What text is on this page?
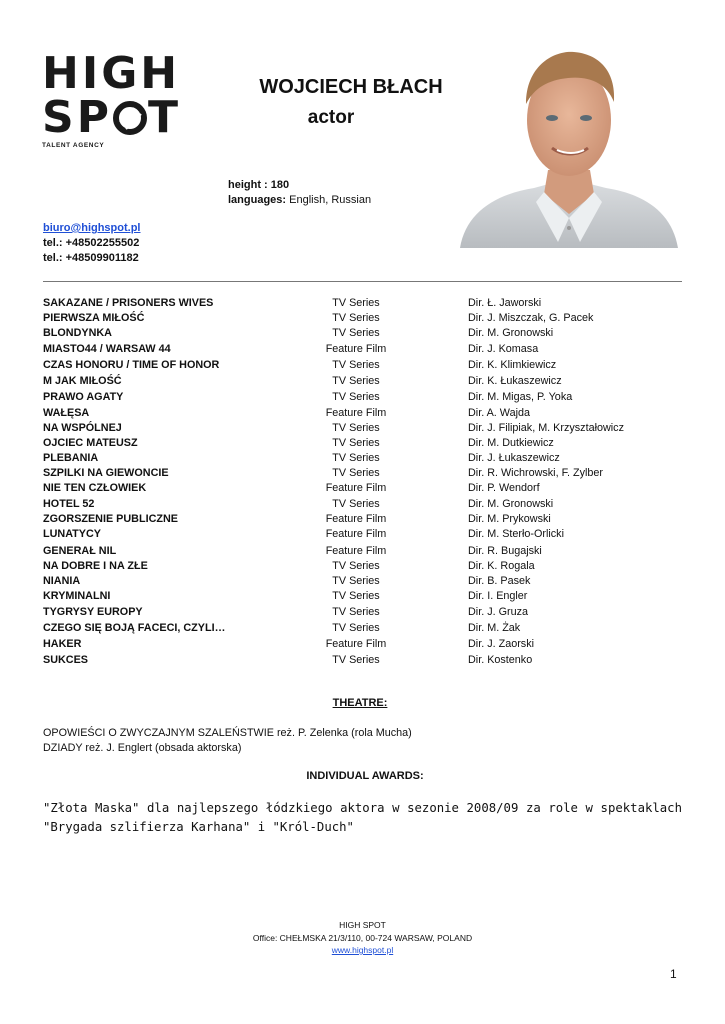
HIGH
SP T
TALENT AGENCY
WOJCIECH BŁACH
actor
height : 180
languages: English, Russian
biuro@highspot.pl
tel.: +48502255502
tel.: +48509901182
SAKAZANE / PRISONERS WIVES	TV Series	Dir. Ł. Jaworski
PIERWSZA MIŁOŚĆ	TV Series	Dir. J. Miszczak, G. Pacek
BLONDYNKA	TV Series	Dir. M. Gronowski
MIASTO44 / WARSAW 44	Feature Film	Dir. J. Komasa
CZAS HONORU / TIME OF HONOR	TV Series	Dir. K. Klimkiewicz
M JAK MIŁOŚĆ	TV Series	Dir. K. Łukaszewicz
PRAWO AGATY	TV Series	Dir. M. Migas, P. Yoka
WAŁĘSA	Feature Film	Dir. A. Wajda
NA WSPÓLNEJ	TV Series	Dir. J. Filipiak, M. Krzyształowicz
OJCIEC MATEUSZ	TV Series	Dir. M. Dutkiewicz
PLEBANIA	TV Series	Dir. J. Łukaszewicz
SZPILKI NA GIEWONCIE	TV Series	Dir. R. Wichrowski, F. Zylber
NIE TEN CZŁOWIEK	Feature Film	Dir. P. Wendorf
HOTEL 52	TV Series	Dir. M. Gronowski
ZGORSZENIE PUBLICZNE	Feature Film	Dir. M. Prykowski
LUNATYCY	Feature Film	Dir. M. Sterło-Orlicki
GENERAŁ NIL	Feature Film	Dir. R. Bugajski
NA DOBRE I NA ZŁE	TV Series	Dir. K. Rogala
NIANIA	TV Series	Dir. B. Pasek
KRYMINALNI	TV Series	Dir. I. Engler
TYGRYSY EUROPY	TV Series	Dir. J. Gruza
CZEGO SIĘ BOJĄ FACECI, CZYLI…	TV Series	Dir. M. Żak
HAKER	Feature Film	Dir. J. Zaorski
SUKCES	TV Series	Dir. Kostenko
THEATRE:
OPOWIEŚCI O ZWYCZAJNYM SZALEŃSTWIE reż. P. Zelenka (rola Mucha)
DZIADY reż. J. Englert (obsada aktorska)
INDIVIDUAL AWARDS:
"Złota Maska" dla najlepszego łódzkiego aktora w sezonie 2008/09 za role w spektaklach "Brygada szlifierza Karhana" i "Król-Duch"
HIGH SPOT
Office: CHEŁMSKA 21/3/110, 00-724 WARSAW, POLAND
www.highspot.pl
1
